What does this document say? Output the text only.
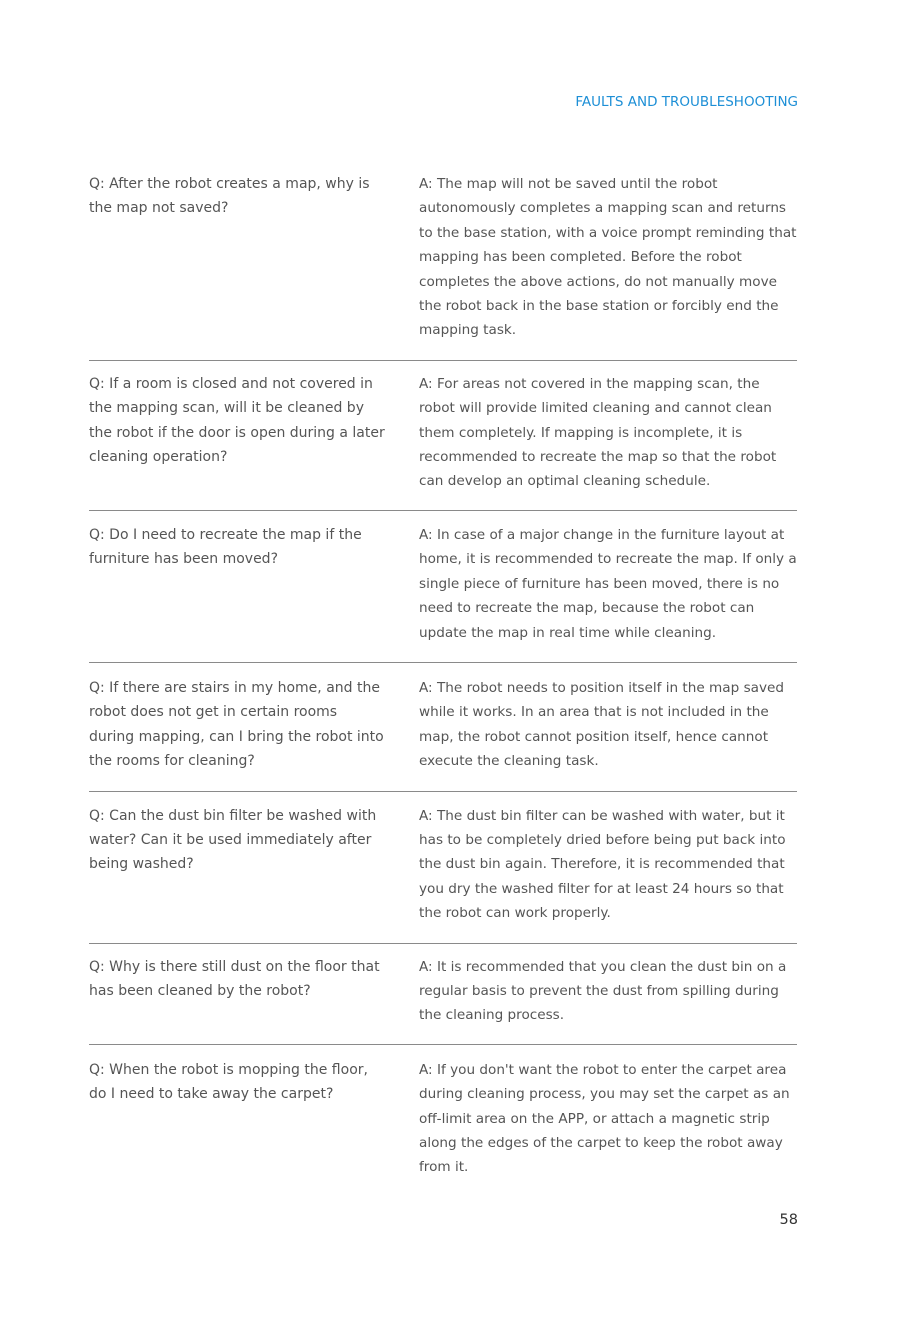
FAULTS AND TROUBLESHOOTING
Q: After the robot creates a map, why is the map not saved?
A: The map will not be saved until the robot autonomously completes a mapping scan and returns to the base station, with a voice prompt reminding that mapping has been completed. Before the robot completes the above actions, do not manually move the robot back in the base station or forcibly end the mapping task.
Q: If a room is closed and not covered in the mapping scan, will it be cleaned by the robot if the door is open during a later cleaning operation?
A: For areas not covered in the mapping scan, the robot will provide limited cleaning and cannot clean them completely. If mapping is incomplete, it is recommended to recreate the map so that the robot can develop an optimal cleaning schedule.
Q: Do I need to recreate the map if the furniture has been moved?
A: In case of a major change in the furniture layout at home, it is recommended to recreate the map. If only a single piece of furniture has been moved, there is no need to recreate the map, because the robot can update the map in real time while cleaning.
Q: If there are stairs in my home, and the robot does not get in certain rooms during mapping, can I bring the robot into the rooms for cleaning?
A: The robot needs to position itself in the map saved while it works. In an area that is not included in the map, the robot cannot position itself, hence cannot execute the cleaning task.
Q: Can the dust bin filter be washed with water? Can it be used immediately after being washed?
A: The dust bin filter can be washed with water, but it has to be completely dried before being put back into the dust bin again. Therefore, it is recommended that you dry the washed filter for at least 24 hours so that the robot can work properly.
Q: Why is there still dust on the floor that has been cleaned by the robot?
A: It is recommended that you clean the dust bin on a regular basis to prevent the dust from spilling during the cleaning process.
Q: When the robot is mopping the floor, do I need to take away the carpet?
A: If you don't want the robot to enter the carpet area during cleaning process, you may set the carpet as an off-limit area on the APP, or attach a magnetic strip along the edges of the carpet to keep the robot away from it.
58
